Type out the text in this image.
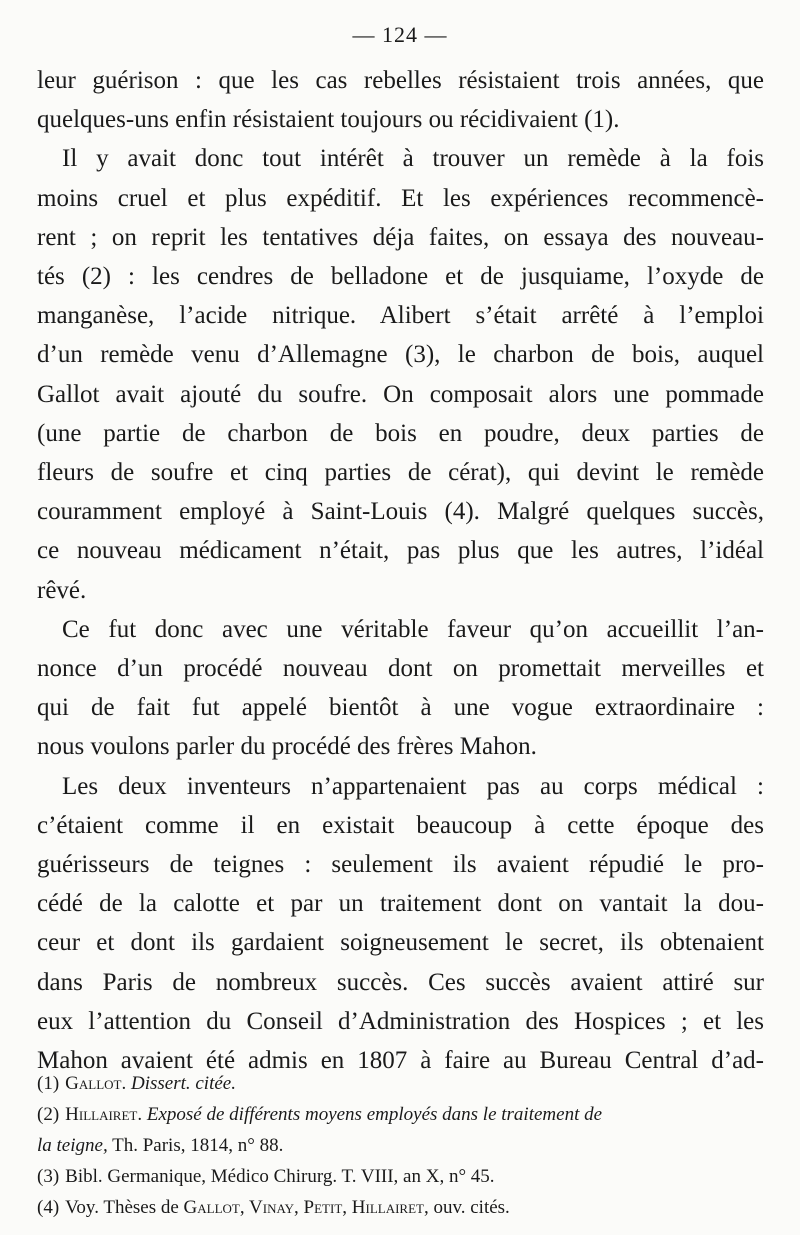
— 124 —
leur guérison : que les cas rebelles résistaient trois années, que
quelques-uns enfin résistaient toujours ou récidivaient (1).
Il y avait donc tout intérêt à trouver un remède à la fois
moins cruel et plus expéditif. Et les expériences recommencè-
rent ; on reprit les tentatives déja faites, on essaya des nouveau-
tés (2) : les cendres de belladone et de jusquiame, l’oxyde de
manganèse, l’acide nitrique. Alibert s’était arrêté à l’emploi
d’un remède venu d’Allemagne (3), le charbon de bois, auquel
Gallot avait ajouté du soufre. On composait alors une pommade
(une partie de charbon de bois en poudre, deux parties de
fleurs de soufre et cinq parties de cérat), qui devint le remède
couramment employé à Saint-Louis (4). Malgré quelques succès,
ce nouveau médicament n’était, pas plus que les autres, l’idéal
rêvé.
Ce fut donc avec une véritable faveur qu’on accueillit l’an-
nonce d’un procédé nouveau dont on promettait merveilles et
qui de fait fut appelé bientôt à une vogue extraordinaire :
nous voulons parler du procédé des frères Mahon.
Les deux inventeurs n’appartenaient pas au corps médical :
c’étaient comme il en existait beaucoup à cette époque des
guérisseurs de teignes : seulement ils avaient répudié le pro-
cédé de la calotte et par un traitement dont on vantait la dou-
ceur et dont ils gardaient soigneusement le secret, ils obtenaient
dans Paris de nombreux succès. Ces succès avaient attiré sur
eux l’attention du Conseil d’Administration des Hospices ; et les
Mahon avaient été admis en 1807 à faire au Bureau Central d’ad-
(1) Gallot. Dissert. citée.
(2) Hillairet. Exposé de différents moyens employés dans le traitement de
la teigne, Th. Paris, 1814, n° 88.
(3) Bibl. Germanique, Médico Chirurg. T. VIII, an X, n° 45.
(4) Voy. Thèses de Gallot, Vinay, Petit, Hillairet, ouv. cités.
